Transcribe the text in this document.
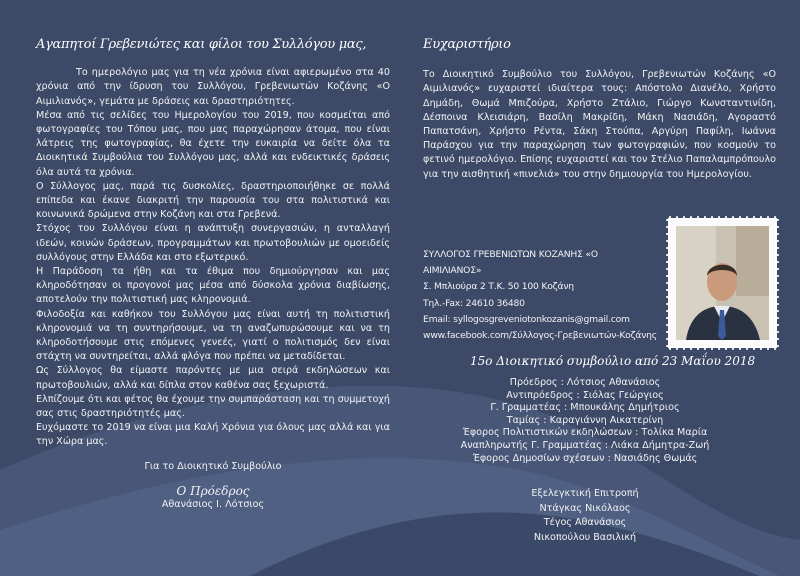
Αγαπητοί Γρεβενιώτες και φίλοι του Συλλόγου μας,

Το ημερολόγιο μας για τη νέα χρόνια είναι αφιερωμένο στα 40 χρόνια από την ίδρυση του Συλλόγου, Γρεβενιωτών Κοζάνης «Ο Αιμιλιανός», γεμάτα με δράσεις και δραστηριότητες.

Μέσα από τις σελίδες του Ημερολογίου του 2019, που κοσμείται από φωτογραφίες του Τόπου μας, που μας παραχώρησαν άτομα, που είναι λάτρεις της φωτογραφίας, θα έχετε την ευκαιρία να δείτε όλα τα Διοικητικά Συμβούλια του Συλλόγου μας, αλλά και ενδεικτικές δράσεις όλα αυτά τα χρόνια.

Ο Σύλλογος μας, παρά τις δυσκολίες, δραστηριοποιήθηκε σε πολλά επίπεδα και έκανε διακριτή την παρουσία του στα πολιτιστικά και κοινωνικά δρώμενα στην Κοζάνη και στα Γρεβενά.

Στόχος του Συλλόγου είναι η ανάπτυξη συνεργασιών, η ανταλλαγή ιδεών, κοινών δράσεων, προγραμμάτων και πρωτοβουλιών με ομοειδείς συλλόγους στην Ελλάδα και στο εξωτερικό.

Η Παράδοση τα ήθη και τα έθιμα που δημιούργησαν και μας κληροδότησαν οι προγονοί μας μέσα από δύσκολα χρόνια διαβίωσης, αποτελούν την πολιτιστική μας κληρονομιά.

Φιλοδοξία και καθήκον του Συλλόγου μας είναι αυτή τη πολιτιστική κληρονομιά να τη συντηρήσουμε, να τη αναζωπυρώσουμε και να τη κληροδοτήσουμε στις επόμενες γενεές, γιατί ο πολιτισμός δεν είναι στάχτη να συντηρείται, αλλά φλόγα που πρέπει να μεταδίδεται.

Ως Σύλλογος θα είμαστε παρόντες με μια σειρά εκδηλώσεων και πρωτοβουλιών, αλλά και δίπλα στον καθένα σας ξεχωριστά.

Ελπίζουμε ότι και φέτος θα έχουμε την συμπαράσταση και τη συμμετοχή σας στις δραστηριότητές μας.

Ευχόμαστε το 2019 να είναι μια Καλή Χρόνια για όλους μας αλλά και για την Χώρα μας.

Για το Διοικητικό Συμβούλιο
Ο Πρόεδρος
Αθανάσιος Ι. Λότσιος
Ευχαριστήριο

Το Διοικητικό Συμβούλιο του Συλλόγου, Γρεβενιωτών Κοζάνης «Ο Αιμιλιανός» ευχαριστεί ιδιαίτερα τους: Απόστολο Διανέλο, Χρήστο Δημάδη, Θωμά Μπιζούρα, Χρήστο Ζτάλιο, Γιώργο Κωνσταντινίδη, Δέσποινα Κλεισιάρη, Βασίλη Μακρίδη, Μάκη Νασιάδη, Αγοραστό Παπατσάνη, Χρήστο Ρέντα, Σάκη Στούπα, Αργύρη Παφίλη, Ιωάννα Παράσχου για την παραχώρηση των φωτογραφιών, που κοσμούν το φετινό ημερολόγιο. Επίσης ευχαριστεί και τον Στέλιο Παπαλαμπρόπουλο για την αισθητική «πινελιά» του στην δημιουργία του Ημερολογίου.

ΣΥΛΛΟΓΟΣ ΓΡΕΒΕΝΙΩΤΩΝ ΚΟΖΑΝΗΣ «Ο ΑΙΜΙΛΙΑΝΟΣ»
Σ. Μπλιούρα 2 Τ.Κ. 50 100 Κοζάνη
Τηλ.-Fax: 24610 36480
Email: syllogosgreveniotonkozanis@gmail.com
www.facebook.com/Σύλλογος-Γρεβενιωτών-Κοζάνης
15ο Διοικητικό συμβούλιο από 23 Μαΐου 2018
Πρόεδρος : Λότσιος Αθανάσιος
Αντιπρόεδρος : Σιόλας Γεώργιος
Γ. Γραμματέας : Μπουκάλης Δημήτριος
Ταμίας : Καραγιάννη Αικατερίνη
Έφορος Πολιτιστικών εκδηλώσεων : Τολίκα Μαρία
Αναπληρωτής Γ. Γραμματέας : Λιάκα Δήμητρα-Ζωή
Έφορος Δημοσίων σχέσεων : Νασιάδης Θωμάς
Εξελεγκτική Επιτροπή
Ντάγκας Νικόλαος
Τέγος Αθανάσιος
Νικοπούλου Βασιλική
